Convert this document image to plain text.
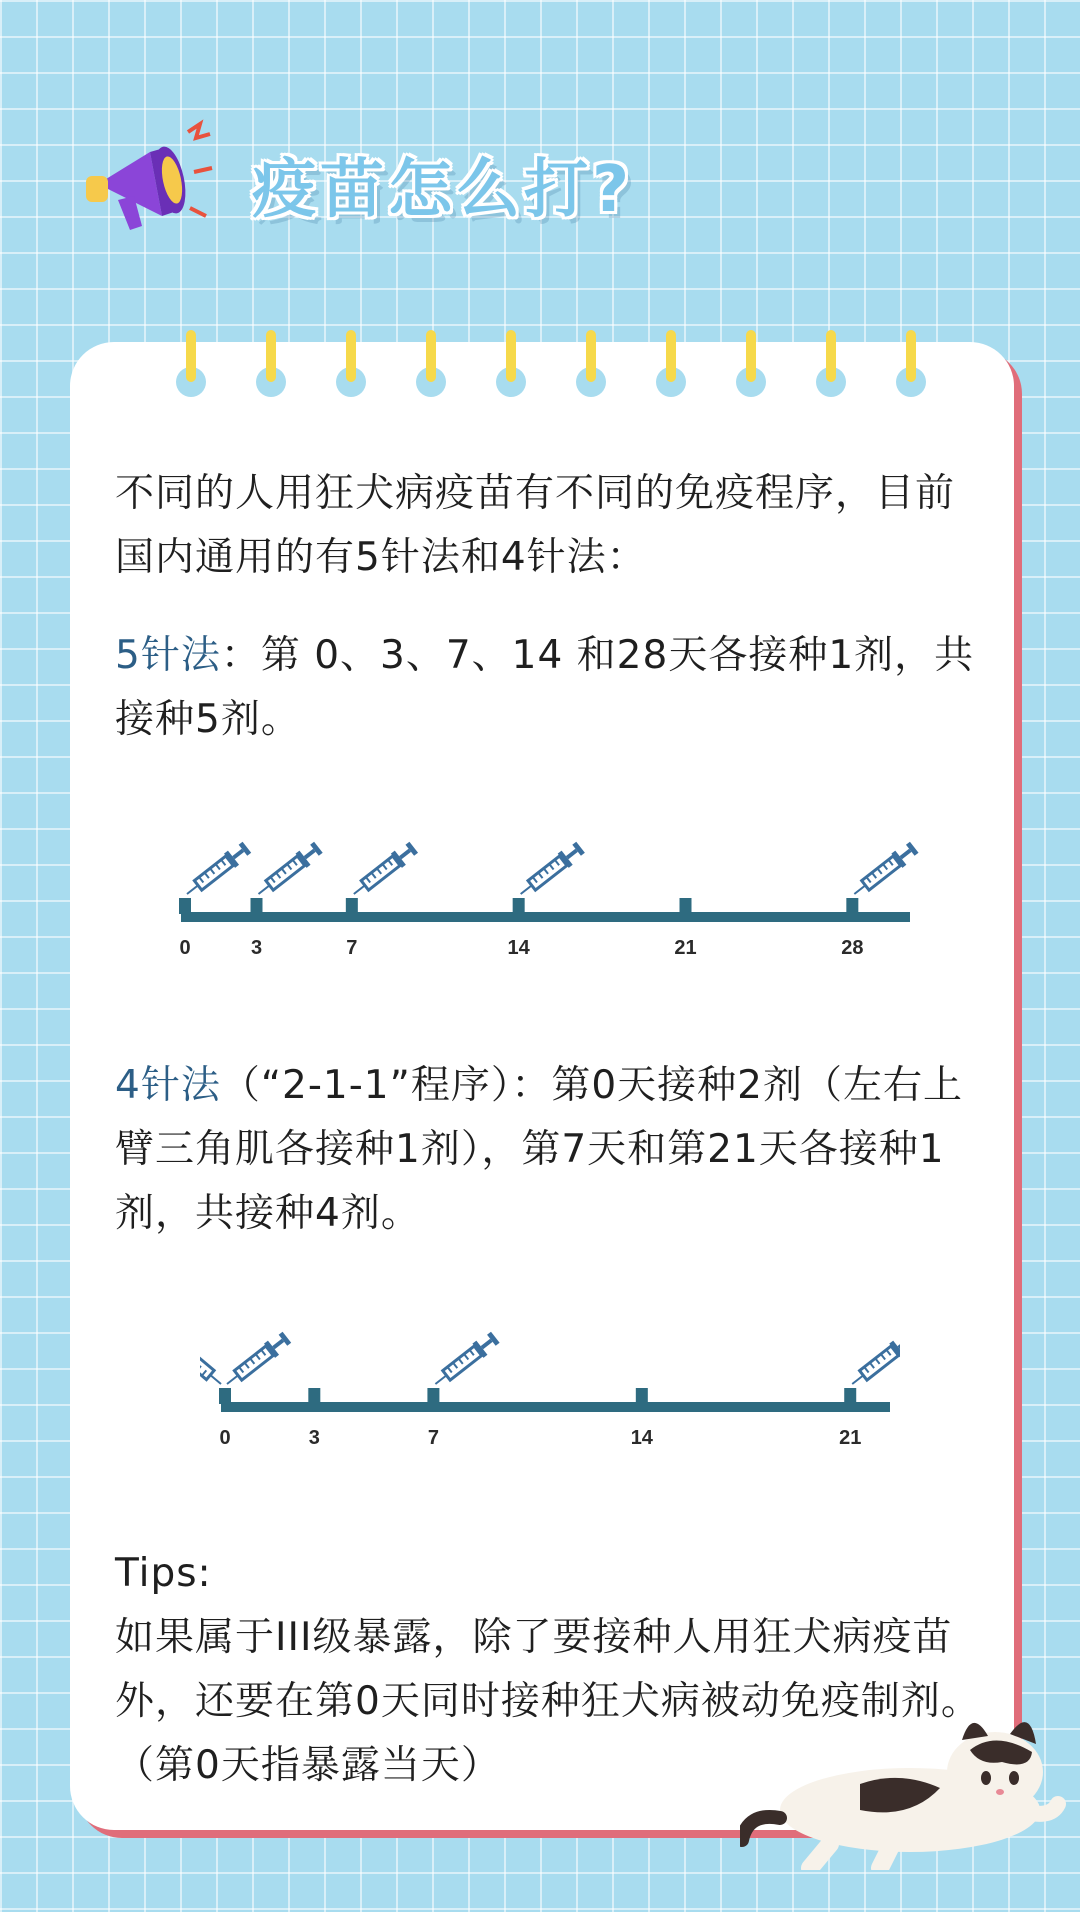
疫苗怎么打?
不同的人用狂犬病疫苗有不同的免疫程序，目前国内通用的有5针法和4针法：
5针法：第 0、3、7、14 和28天各接种1剂，共接种5剂。
0	3	7	14	21	28
4针法（“2-1-1”程序）：第0天接种2剂（左右上臂三角肌各接种1剂），第7天和第21天各接种1剂，共接种4剂。
0	3	7	14	21
Tips:
如果属于III级暴露，除了要接种人用狂犬病疫苗外，还要在第0天同时接种狂犬病被动免疫制剂。（第0天指暴露当天）
